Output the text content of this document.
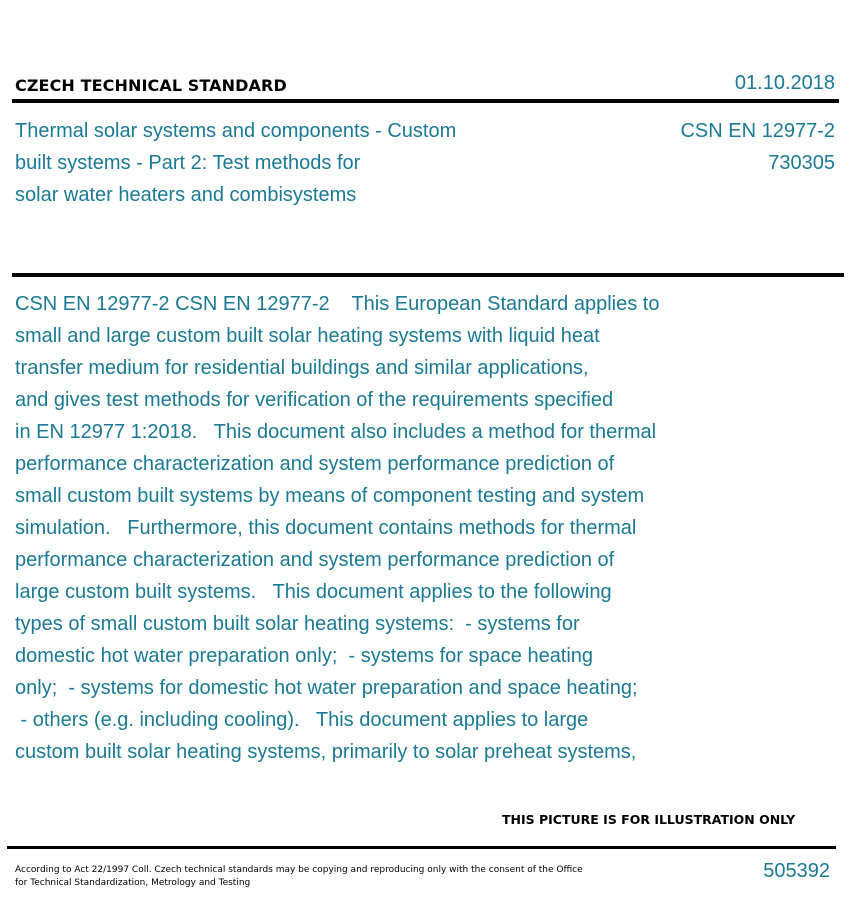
CZECH TECHNICAL STANDARD	01.10.2018
Thermal solar systems and components - Custom
built systems - Part 2: Test methods for
solar water heaters and combisystems
CSN EN 12977-2
730305
CSN EN 12977-2 CSN EN 12977-2    This European Standard applies to
small and large custom built solar heating systems with liquid heat
transfer medium for residential buildings and similar applications,
and gives test methods for verification of the requirements specified
in EN 12977 1:2018.   This document also includes a method for thermal
performance characterization and system performance prediction of
small custom built systems by means of component testing and system
simulation.   Furthermore, this document contains methods for thermal
performance characterization and system performance prediction of
large custom built systems.   This document applies to the following
types of small custom built solar heating systems:  - systems for
domestic hot water preparation only;  - systems for space heating
only;  - systems for domestic hot water preparation and space heating;
- others (e.g. including cooling).   This document applies to large
custom built solar heating systems, primarily to solar preheat systems,
THIS PICTURE IS FOR ILLUSTRATION ONLY
According to Act 22/1997 Coll. Czech technical standards may be copying and reproducing only with the consent of the Office
for Technical Standardization, Metrology and Testing
505392
